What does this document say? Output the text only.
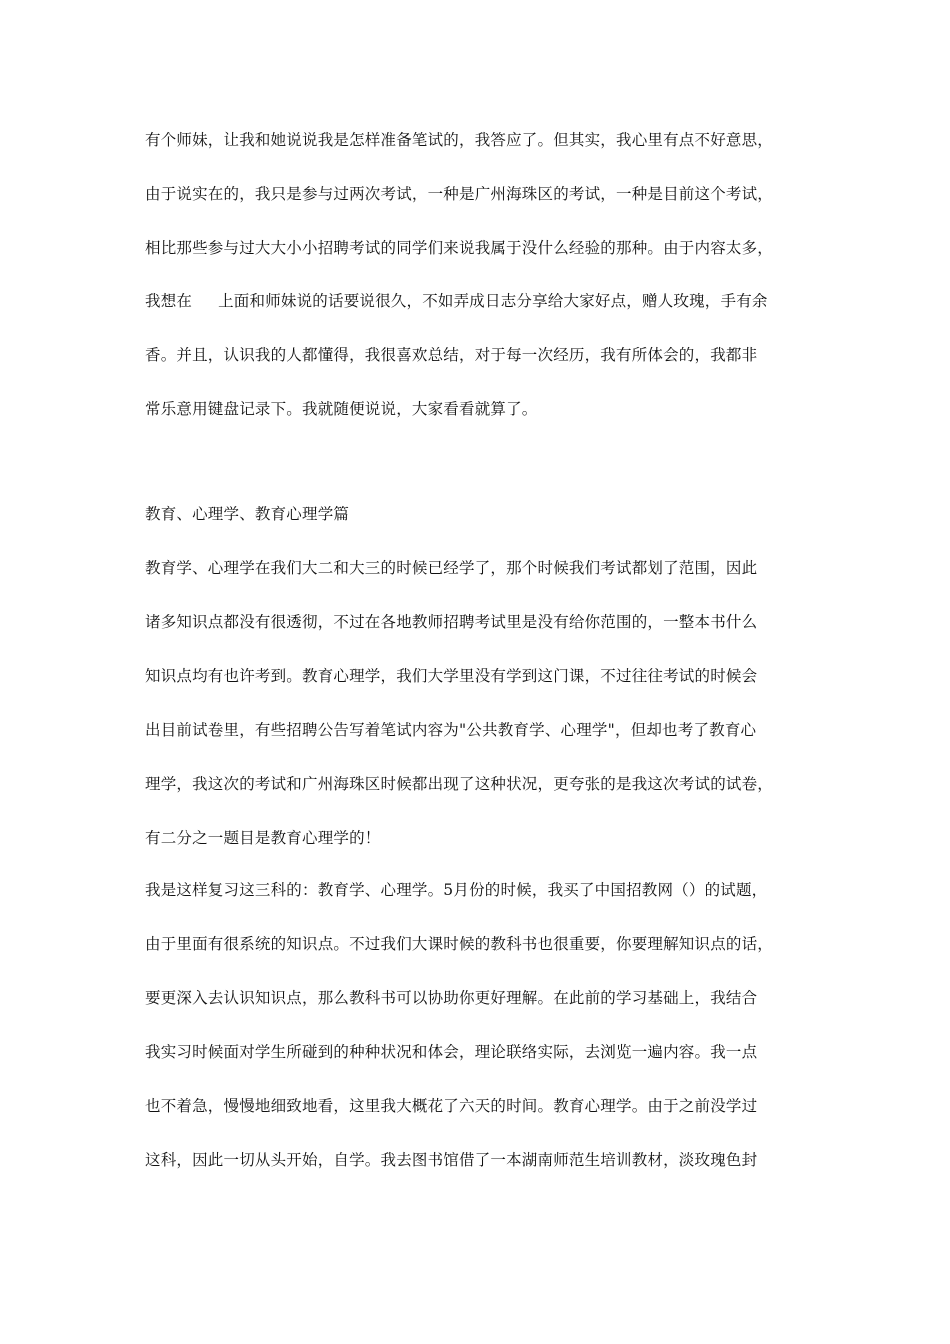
有个师妹，让我和她说说我是怎样准备笔试的，我答应了。但其实，我心里有点不好意思，
由于说实在的，我只是参与过两次考试，一种是广州海珠区的考试，一种是目前这个考试，
相比那些参与过大大小小招聘考试的同学们来说我属于没什么经验的那种。由于内容太多，
我想在 上面和师妹说的话要说很久，不如弄成日志分享给大家好点，赠人玫瑰，手有余
香。并且，认识我的人都懂得，我很喜欢总结，对于每一次经历，我有所体会的，我都非
常乐意用键盘记录下。我就随便说说，大家看看就算了。
教育、心理学、教育心理学篇
教育学、心理学在我们大二和大三的时候已经学了，那个时候我们考试都划了范围，因此
诸多知识点都没有很透彻，不过在各地教师招聘考试里是没有给你范围的，一整本书什么
知识点均有也许考到。教育心理学，我们大学里没有学到这门课，不过往往考试的时候会
出目前试卷里，有些招聘公告写着笔试内容为"公共教育学、心理学"，但却也考了教育心
理学，我这次的考试和广州海珠区时候都出现了这种状况，更夸张的是我这次考试的试卷，
有二分之一题目是教育心理学的！
我是这样复习这三科的：教育学、心理学。5月份的时候，我买了中国招教网（）的试题，
由于里面有很系统的知识点。不过我们大课时候的教科书也很重要，你要理解知识点的话，
要更深入去认识知识点，那么教科书可以协助你更好理解。在此前的学习基础上，我结合
我实习时候面对学生所碰到的种种状况和体会，理论联络实际，去浏览一遍内容。我一点
也不着急，慢慢地细致地看，这里我大概花了六天的时间。教育心理学。由于之前没学过
这科，因此一切从头开始，自学。我去图书馆借了一本湖南师范生培训教材，淡玫瑰色封
